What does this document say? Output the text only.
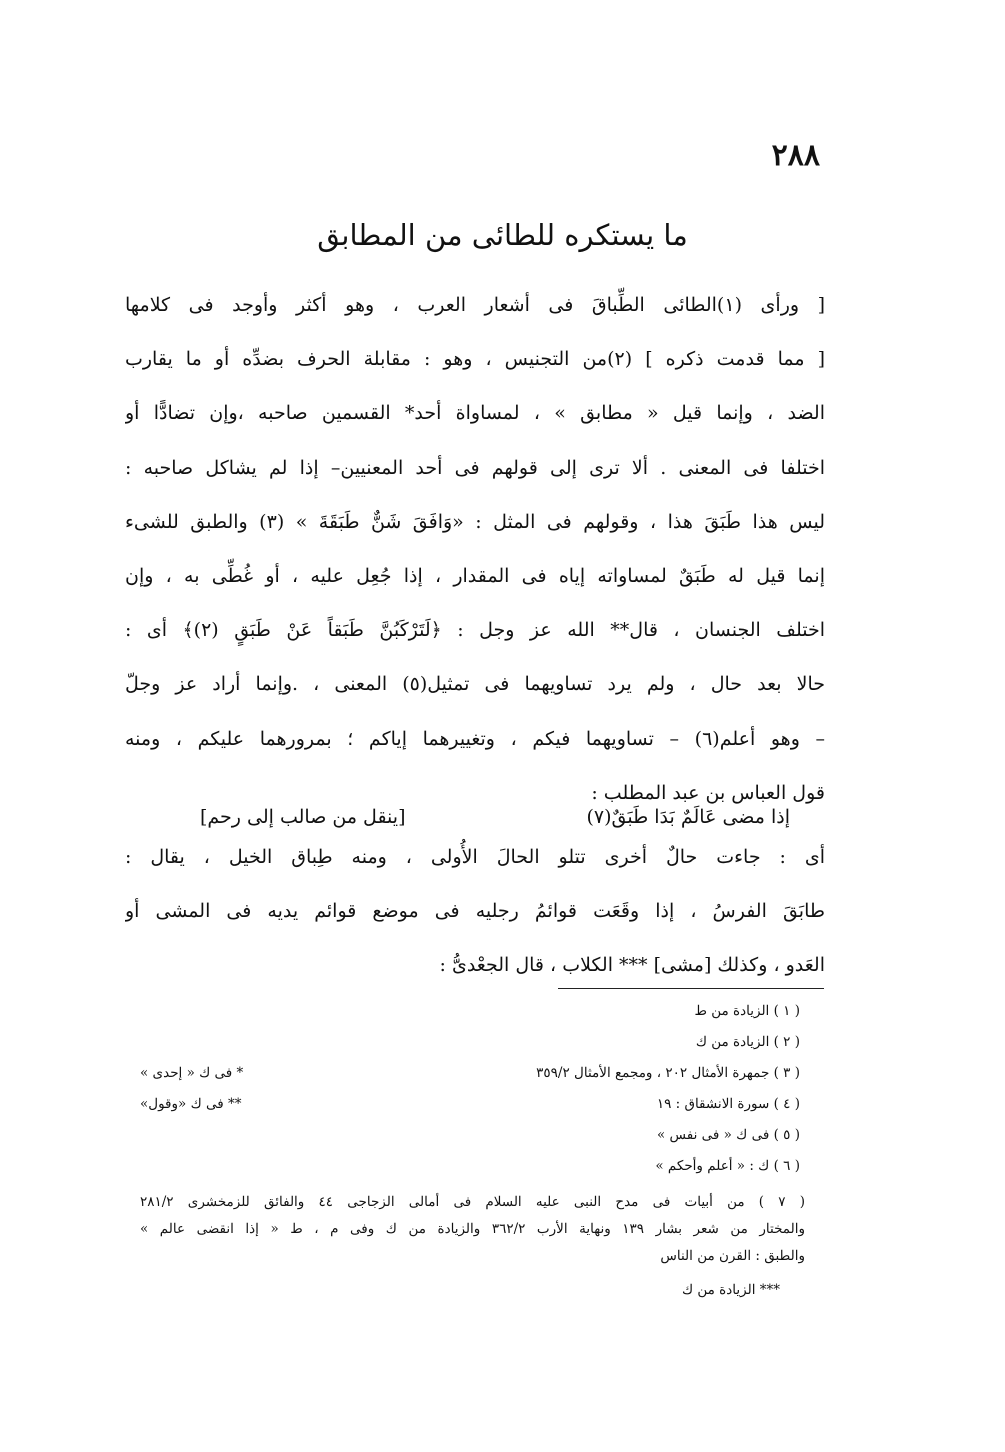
٢٨٨
ما يستكره للطائى من المطابق
[ ورأى (١)الطائى الطِّباقَ فى أشعار العرب ، وهو أكثر وأوجد فى كلامها
[ مما قدمت ذكره ] (٢)من التجنيس ، وهو : مقابلة الحرف بضدِّه أو ما يقارب
الضد ، وإنما قيل « مطابق » ، لمساواة أحد* القسمين صاحبه ،وإن تضادًّا أو
اختلفا فى المعنى . ألا ترى إلى قولهم فى أحد المعنيين– إذا لم يشاكل صاحبه :
ليس هذا طَبَقَ هذا ، وقولهم فى المثل : «وَافَقَ شَنٌّ طَبَقَةَ » (٣) والطبق للشىء
إنما قيل له طَبَقٌ لمساواته إياه فى المقدار ، إذا جُعِل عليه ، أو غُطِّى به ، وإن
اختلف الجنسان ، قال** الله عز وجل : ﴿لَتَرْكَبُنَّ طَبَقاً عَنْ طَبَقٍ (٢)﴾ أى :
حالا بعد حال ، ولم يرد تساويهما فى تمثيل(٥) المعنى ، .وإنما أراد عز وجلّ
– وهو أعلم(٦) – تساويهما فيكم ، وتغييرهما إياكم ؛ بمرورهما عليكم ، ومنه
قول العباس بن عبد المطلب :
إذا مضى عَالَمٌ بَدَا طَبَقٌ(٧)
[ينقل من صالب إلى رحم]
أى : جاءت حالٌ أخرى تتلو الحالَ الأُولى ، ومنه طِباق الخيل ، يقال :
طابَقَ الفرسُ ، إذا وقَعَت قوائمُ رجليه فى موضع قوائم يديه فى المشى أو
العَدو ، وكذلك [مشى] *** الكلاب ، قال الجعْدىُّ :
( ١ ) الزيادة من ط
( ٢ ) الزيادة من ك
( ٣ ) جمهرة الأمثال ٢٠٢ ، ومجمع الأمثال ٣٥٩/٢
* فى ك « إحدى »
( ٤ ) سورة الانشقاق : ١٩
** فى ك «وقول»
( ٥ ) فى ك « فى نفس »
( ٦ ) ك : « أعلم وأحكم »
( ٧ ) من أبيات فى مدح النبى عليه السلام فى أمالى الزجاجى ٤٤ والفائق للزمخشرى ٢٨١/٢
والمختار من شعر بشار ١٣٩ ونهاية الأرب ٣٦٢/٢ والزيادة من ك وفى م ، ط « إذا انقضى عالم »
والطبق : القرن من الناس
*** الزيادة من ك
